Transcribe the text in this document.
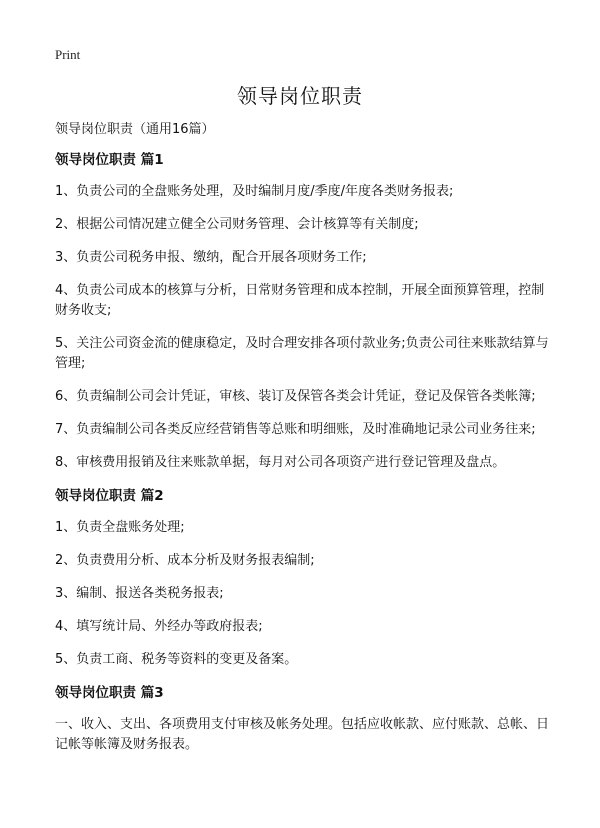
Print
领导岗位职责

领导岗位职责（通用16篇）

领导岗位职责 篇1

1、负责公司的全盘账务处理，及时编制月度/季度/年度各类财务报表;

2、根据公司情况建立健全公司财务管理、会计核算等有关制度;

3、负责公司税务申报、缴纳，配合开展各项财务工作;

4、负责公司成本的核算与分析，日常财务管理和成本控制，开展全面预算管理，控制财务收支;

5、关注公司资金流的健康稳定，及时合理安排各项付款业务;负责公司往来账款结算与管理;

6、负责编制公司会计凭证，审核、装订及保管各类会计凭证，登记及保管各类帐簿;

7、负责编制公司各类反应经营销售等总账和明细账，及时准确地记录公司业务往来;

8、审核费用报销及往来账款单据，每月对公司各项资产进行登记管理及盘点。

领导岗位职责 篇2

1、负责全盘账务处理;

2、负责费用分析、成本分析及财务报表编制;

3、编制、报送各类税务报表;

4、填写统计局、外经办等政府报表;

5、负责工商、税务等资料的变更及备案。

领导岗位职责 篇3

一、收入、支出、各项费用支付审核及帐务处理。包括应收帐款、应付账款、总帐、日记帐等帐簿及财务报表。
